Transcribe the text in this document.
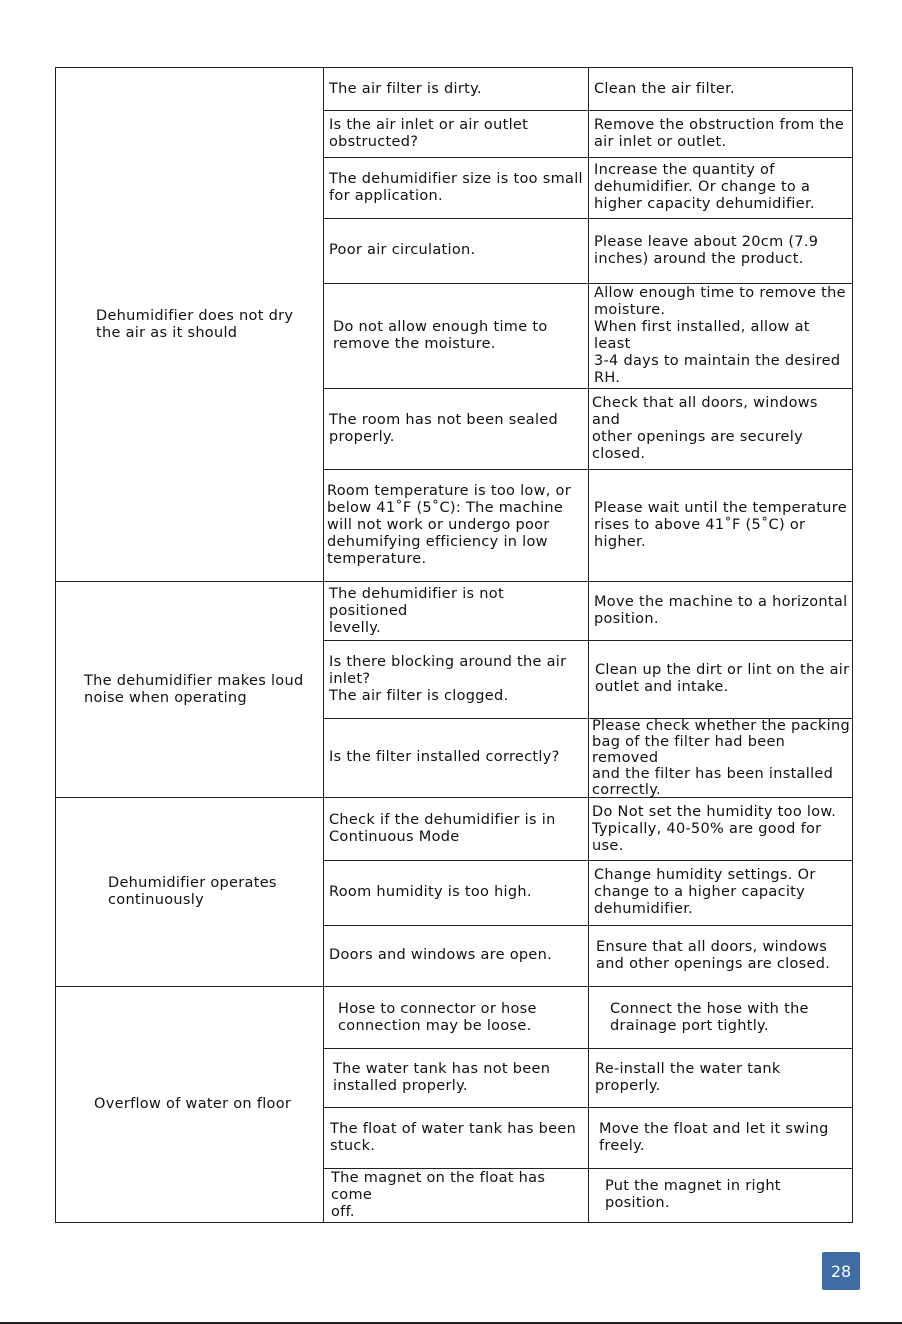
Dehumidifier does not dry
the air as it should
The air filter is dirty.	Clean the air filter.
Is the air inlet or air outlet
obstructed?
Remove the obstruction from the
air inlet or outlet.
The dehumidifier size is too small
for application.
Increase the quantity of
dehumidifier. Or change to a
higher capacity dehumidifier.
Poor air circulation.
Please leave about 20cm (7.9
inches) around the product.
Do not allow enough time to
remove the moisture.
Allow enough time to remove the
moisture.
When first installed, allow at least
3-4 days to maintain the desired RH.
The room has not been sealed
properly.
Check that all doors, windows and
other openings are securely
closed.
Room temperature is too low, or
below 41˚F (5˚C): The machine
will not work or undergo poor
dehumifying efficiency in low
temperature.
Please wait until the temperature
rises to above 41˚F (5˚C) or higher.
The dehumidifier makes loud
noise when operating
The dehumidifier is not positioned
levelly.
Move the machine to a horizontal
position.
Is there blocking around the air
inlet?
The air filter is clogged.
Clean up the dirt or lint on the air
outlet and intake.
Is the filter installed correctly?
Please check whether the packing
bag of the filter had been removed
and the filter has been installed
correctly.
Dehumidifier operates
continuously
Check if the dehumidifier is in
Continuous Mode
Do Not set the humidity too low.
Typically, 40-50% are good for
use.
Room humidity is too high.
Change humidity settings. Or
change to a higher capacity
dehumidifier.
Doors and windows are open.
Ensure that all doors, windows
and other openings are closed.
Overflow of water on floor
Hose to connector or hose
connection may be loose.
Connect the hose with the
drainage port tightly.
The water tank has not been
installed properly.
Re-install the water tank properly.
The float of water tank has been
stuck.
Move the float and let it swing
freely.
The magnet on the float has come
off.
Put the magnet in right position.
28
